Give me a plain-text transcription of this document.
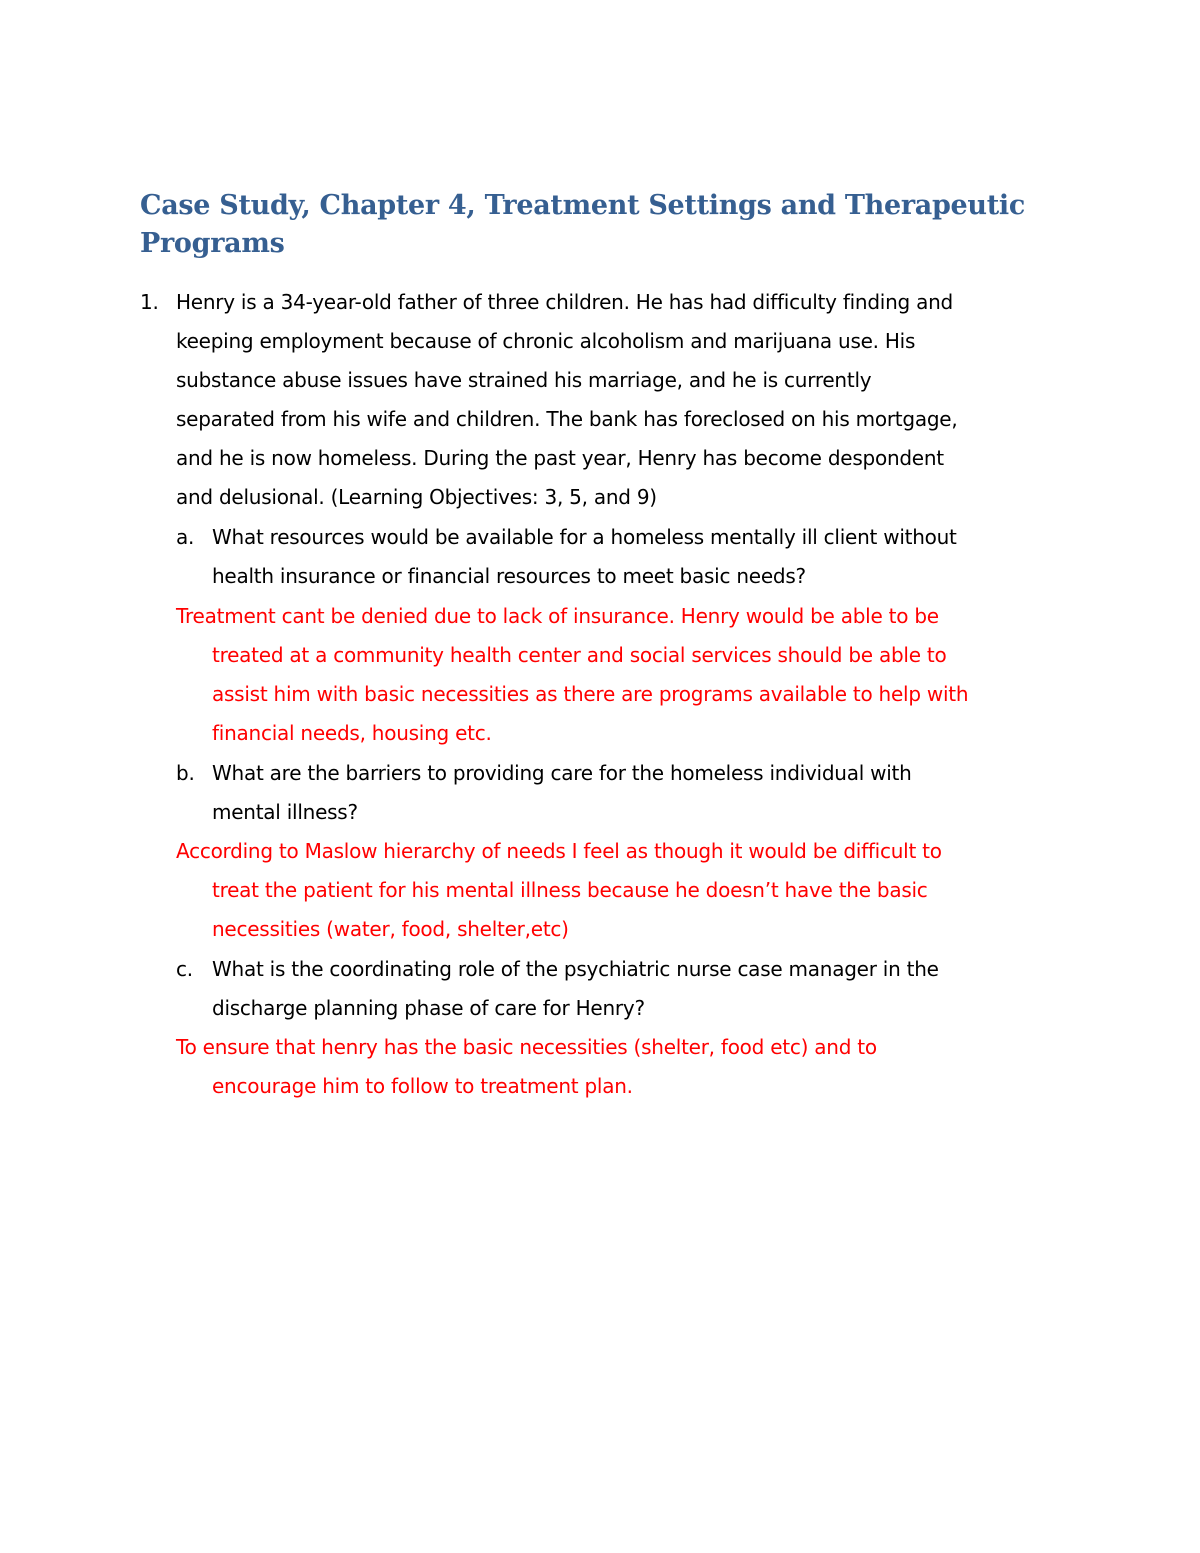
Case Study, Chapter 4, Treatment Settings and Therapeutic
Programs
1. Henry is a 34-year-old father of three children. He has had difficulty finding and
keeping employment because of chronic alcoholism and marijuana use. His
substance abuse issues have strained his marriage, and he is currently
separated from his wife and children. The bank has foreclosed on his mortgage,
and he is now homeless. During the past year, Henry has become despondent
and delusional. (Learning Objectives: 3, 5, and 9)
a. What resources would be available for a homeless mentally ill client without
health insurance or financial resources to meet basic needs?
Treatment cant be denied due to lack of insurance. Henry would be able to be
treated at a community health center and social services should be able to
assist him with basic necessities as there are programs available to help with
financial needs, housing etc.
b. What are the barriers to providing care for the homeless individual with
mental illness?
According to Maslow hierarchy of needs I feel as though it would be difficult to
treat the patient for his mental illness because he doesn’t have the basic
necessities (water, food, shelter,etc)
c. What is the coordinating role of the psychiatric nurse case manager in the
discharge planning phase of care for Henry?
To ensure that henry has the basic necessities (shelter, food etc) and to
encourage him to follow to treatment plan.
